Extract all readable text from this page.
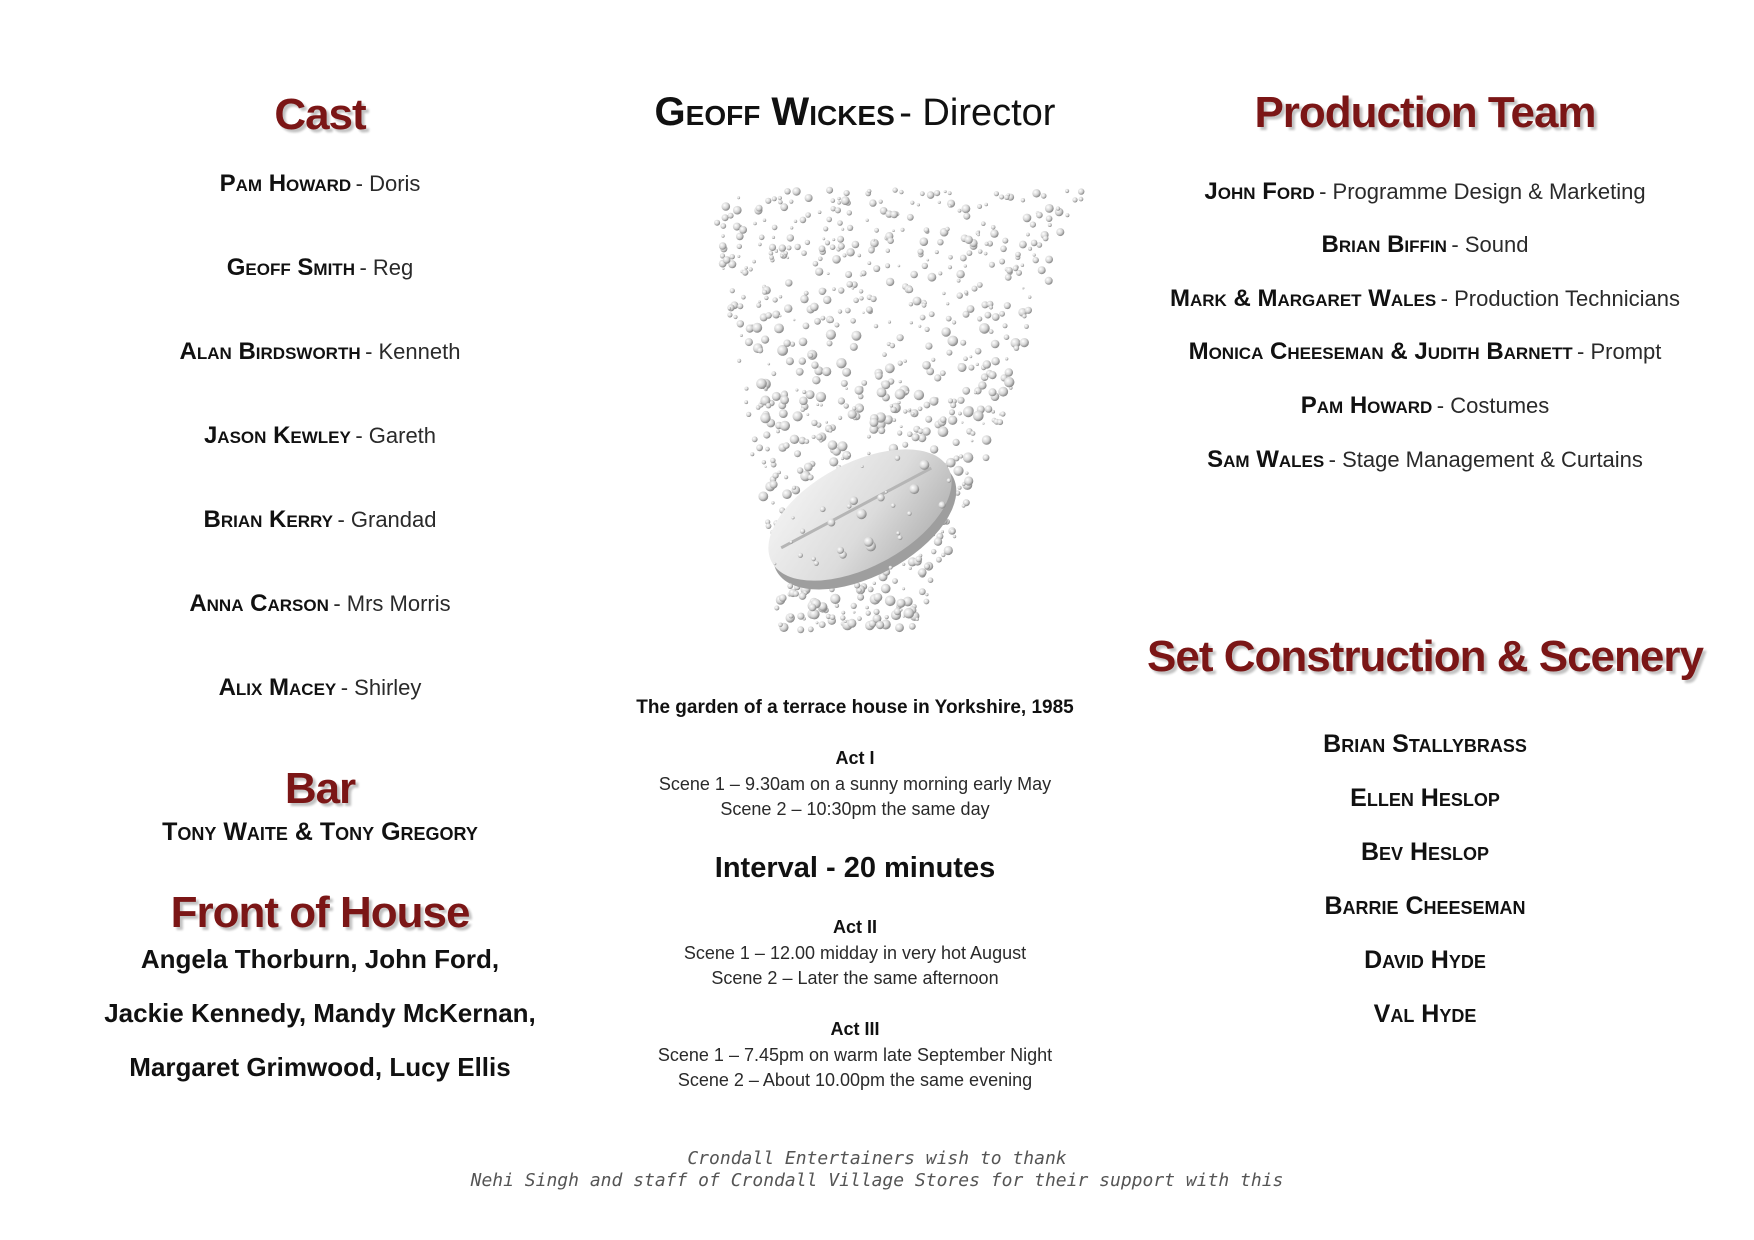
Cast

Pam Howard - Doris

Geoff Smith - Reg

Alan Birdsworth - Kenneth

Jason Kewley - Gareth

Brian Kerry - Grandad

Anna Carson - Mrs Morris

Alix Macey - Shirley

Bar

Tony Waite & Tony Gregory

Front of House

Angela Thorburn, John Ford,

Jackie Kennedy, Mandy McKernan,

Margaret Grimwood, Lucy Ellis

Geoff Wickes - Director

The garden of a terrace house in Yorkshire, 1985

Act I

Scene 1 – 9.30am on a sunny morning early May

Scene 2 – 10:30pm the same day

Interval - 20 minutes

Act II

Scene 1 – 12.00 midday in very hot August

Scene 2 – Later the same afternoon

Act III

Scene 1 – 7.45pm on warm late September Night

Scene 2 – About 10.00pm the same evening

Production Team

John Ford - Programme Design & Marketing

Brian Biffin - Sound

Mark & Margaret Wales - Production Technicians

Monica Cheeseman & Judith Barnett - Prompt

Pam Howard - Costumes

Sam Wales - Stage Management & Curtains

Set Construction & Scenery

Brian Stallybrass

Ellen Heslop

Bev Heslop

Barrie Cheeseman

David Hyde

Val Hyde

Crondall Entertainers wish to thank

Nehi Singh and staff of Crondall Village Stores for their support with this
